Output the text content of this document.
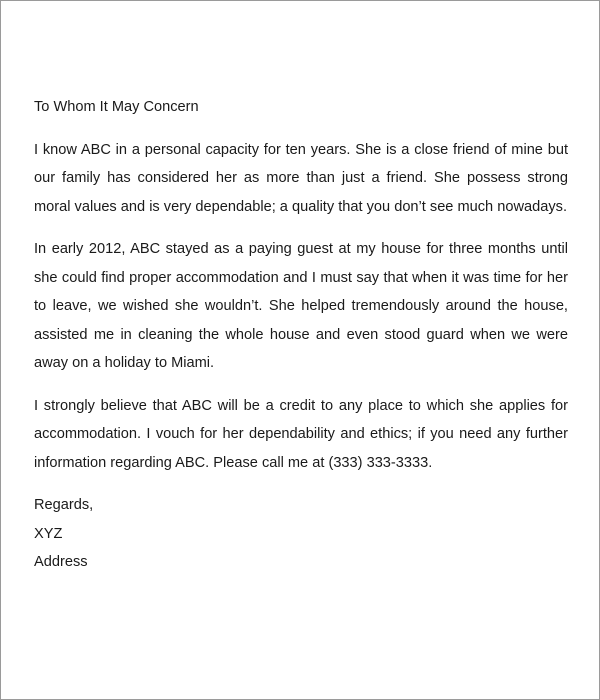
To Whom It May Concern
I know ABC in a personal capacity for ten years. She is a close friend of mine but our family has considered her as more than just a friend. She possess strong moral values and is very dependable; a quality that you don’t see much nowadays.
In early 2012, ABC stayed as a paying guest at my house for three months until she could find proper accommodation and I must say that when it was time for her to leave, we wished she wouldn’t. She helped tremendously around the house, assisted me in cleaning the whole house and even stood guard when we were away on a holiday to Miami.
I strongly believe that ABC will be a credit to any place to which she applies for accommodation. I vouch for her dependability and ethics; if you need any further information regarding ABC. Please call me at (333) 333-3333.
Regards,
XYZ
Address
